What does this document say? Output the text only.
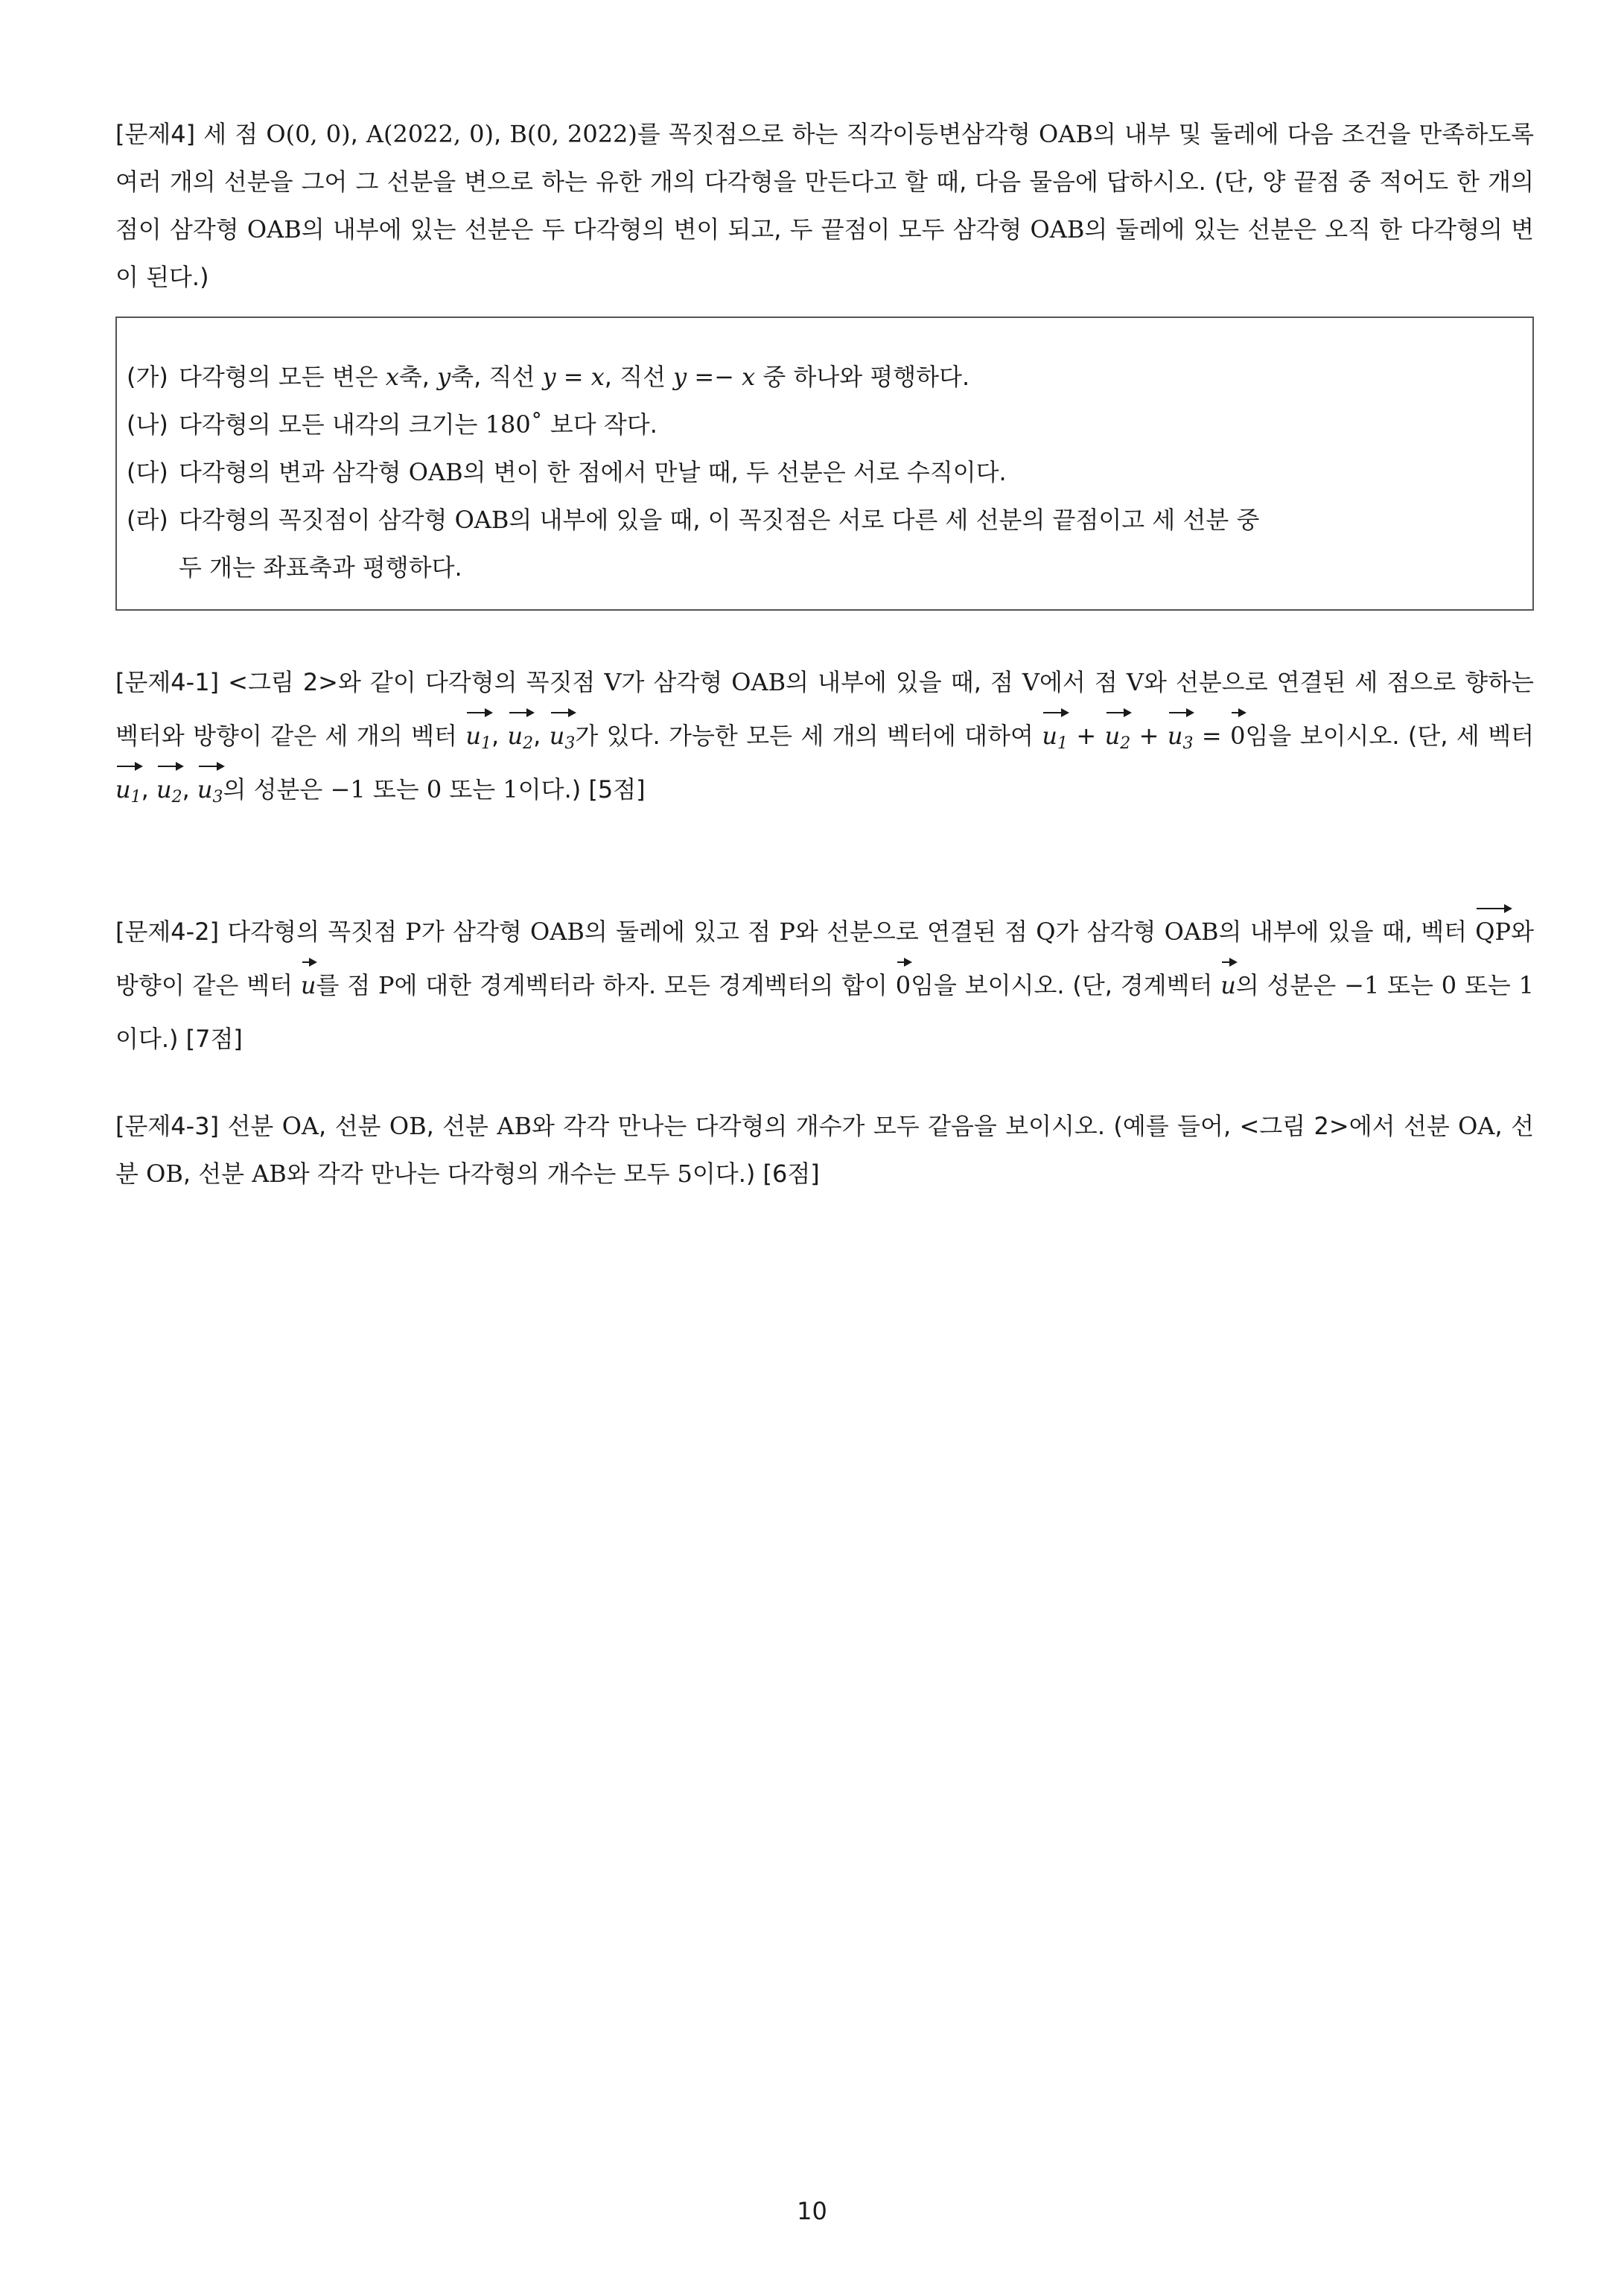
[문제4] 세 점 O(0, 0), A(2022, 0), B(0, 2022)를 꼭짓점으로 하는 직각이등변삼각형 OAB의 내부 및 둘레에 다음 조건을 만족하도록 여러 개의 선분을 그어 그 선분을 변으로 하는 유한 개의 다각형을 만든다고 할 때, 다음 물음에 답하시오. (단, 양 끝점 중 적어도 한 개의 점이 삼각형 OAB의 내부에 있는 선분은 두 다각형의 변이 되고, 두 끝점이 모두 삼각형 OAB의 둘레에 있는 선분은 오직 한 다각형의 변이 된다.)
(가) 다각형의 모든 변은 x축, y축, 직선 y = x, 직선 y =− x 중 하나와 평행하다.
(나) 다각형의 모든 내각의 크기는 180˚ 보다 작다.
(다) 다각형의 변과 삼각형 OAB의 변이 한 점에서 만날 때, 두 선분은 서로 수직이다.
(라) 다각형의 꼭짓점이 삼각형 OAB의 내부에 있을 때, 이 꼭짓점은 서로 다른 세 선분의 끝점이고 세 선분 중
두 개는 좌표축과 평행하다.
[문제4-1] <그림 2>와 같이 다각형의 꼭짓점 V가 삼각형 OAB의 내부에 있을 때, 점 V에서 점 V와 선분으로 연결된 세 점으로 향하는 벡터와 방향이 같은 세 개의 벡터 $u_1$, $u_2$, $u_3$가 있다. 가능한 모든 세 개의 벡터에 대하여 $u_1 + u_2 + u_3 = 0$임을 보이시오. (단, 세 벡터 $u_1$, $u_2$, $u_3$의 성분은 −1 또는 0 또는 1이다.) [5점]
[문제4-2] 다각형의 꼭짓점 P가 삼각형 OAB의 둘레에 있고 점 P와 선분으로 연결된 점 Q가 삼각형 OAB의 내부에 있을 때, 벡터 QP와 방향이 같은 벡터 u를 점 P에 대한 경계벡터라 하자. 모든 경계벡터의 합이 0임을 보이시오. (단, 경계벡터 u의 성분은 −1 또는 0 또는 1이다.) [7점]
[문제4-3] 선분 OA, 선분 OB, 선분 AB와 각각 만나는 다각형의 개수가 모두 같음을 보이시오. (예를 들어, <그림 2>에서 선분 OA, 선분 OB, 선분 AB와 각각 만나는 다각형의 개수는 모두 5이다.) [6점]
10
